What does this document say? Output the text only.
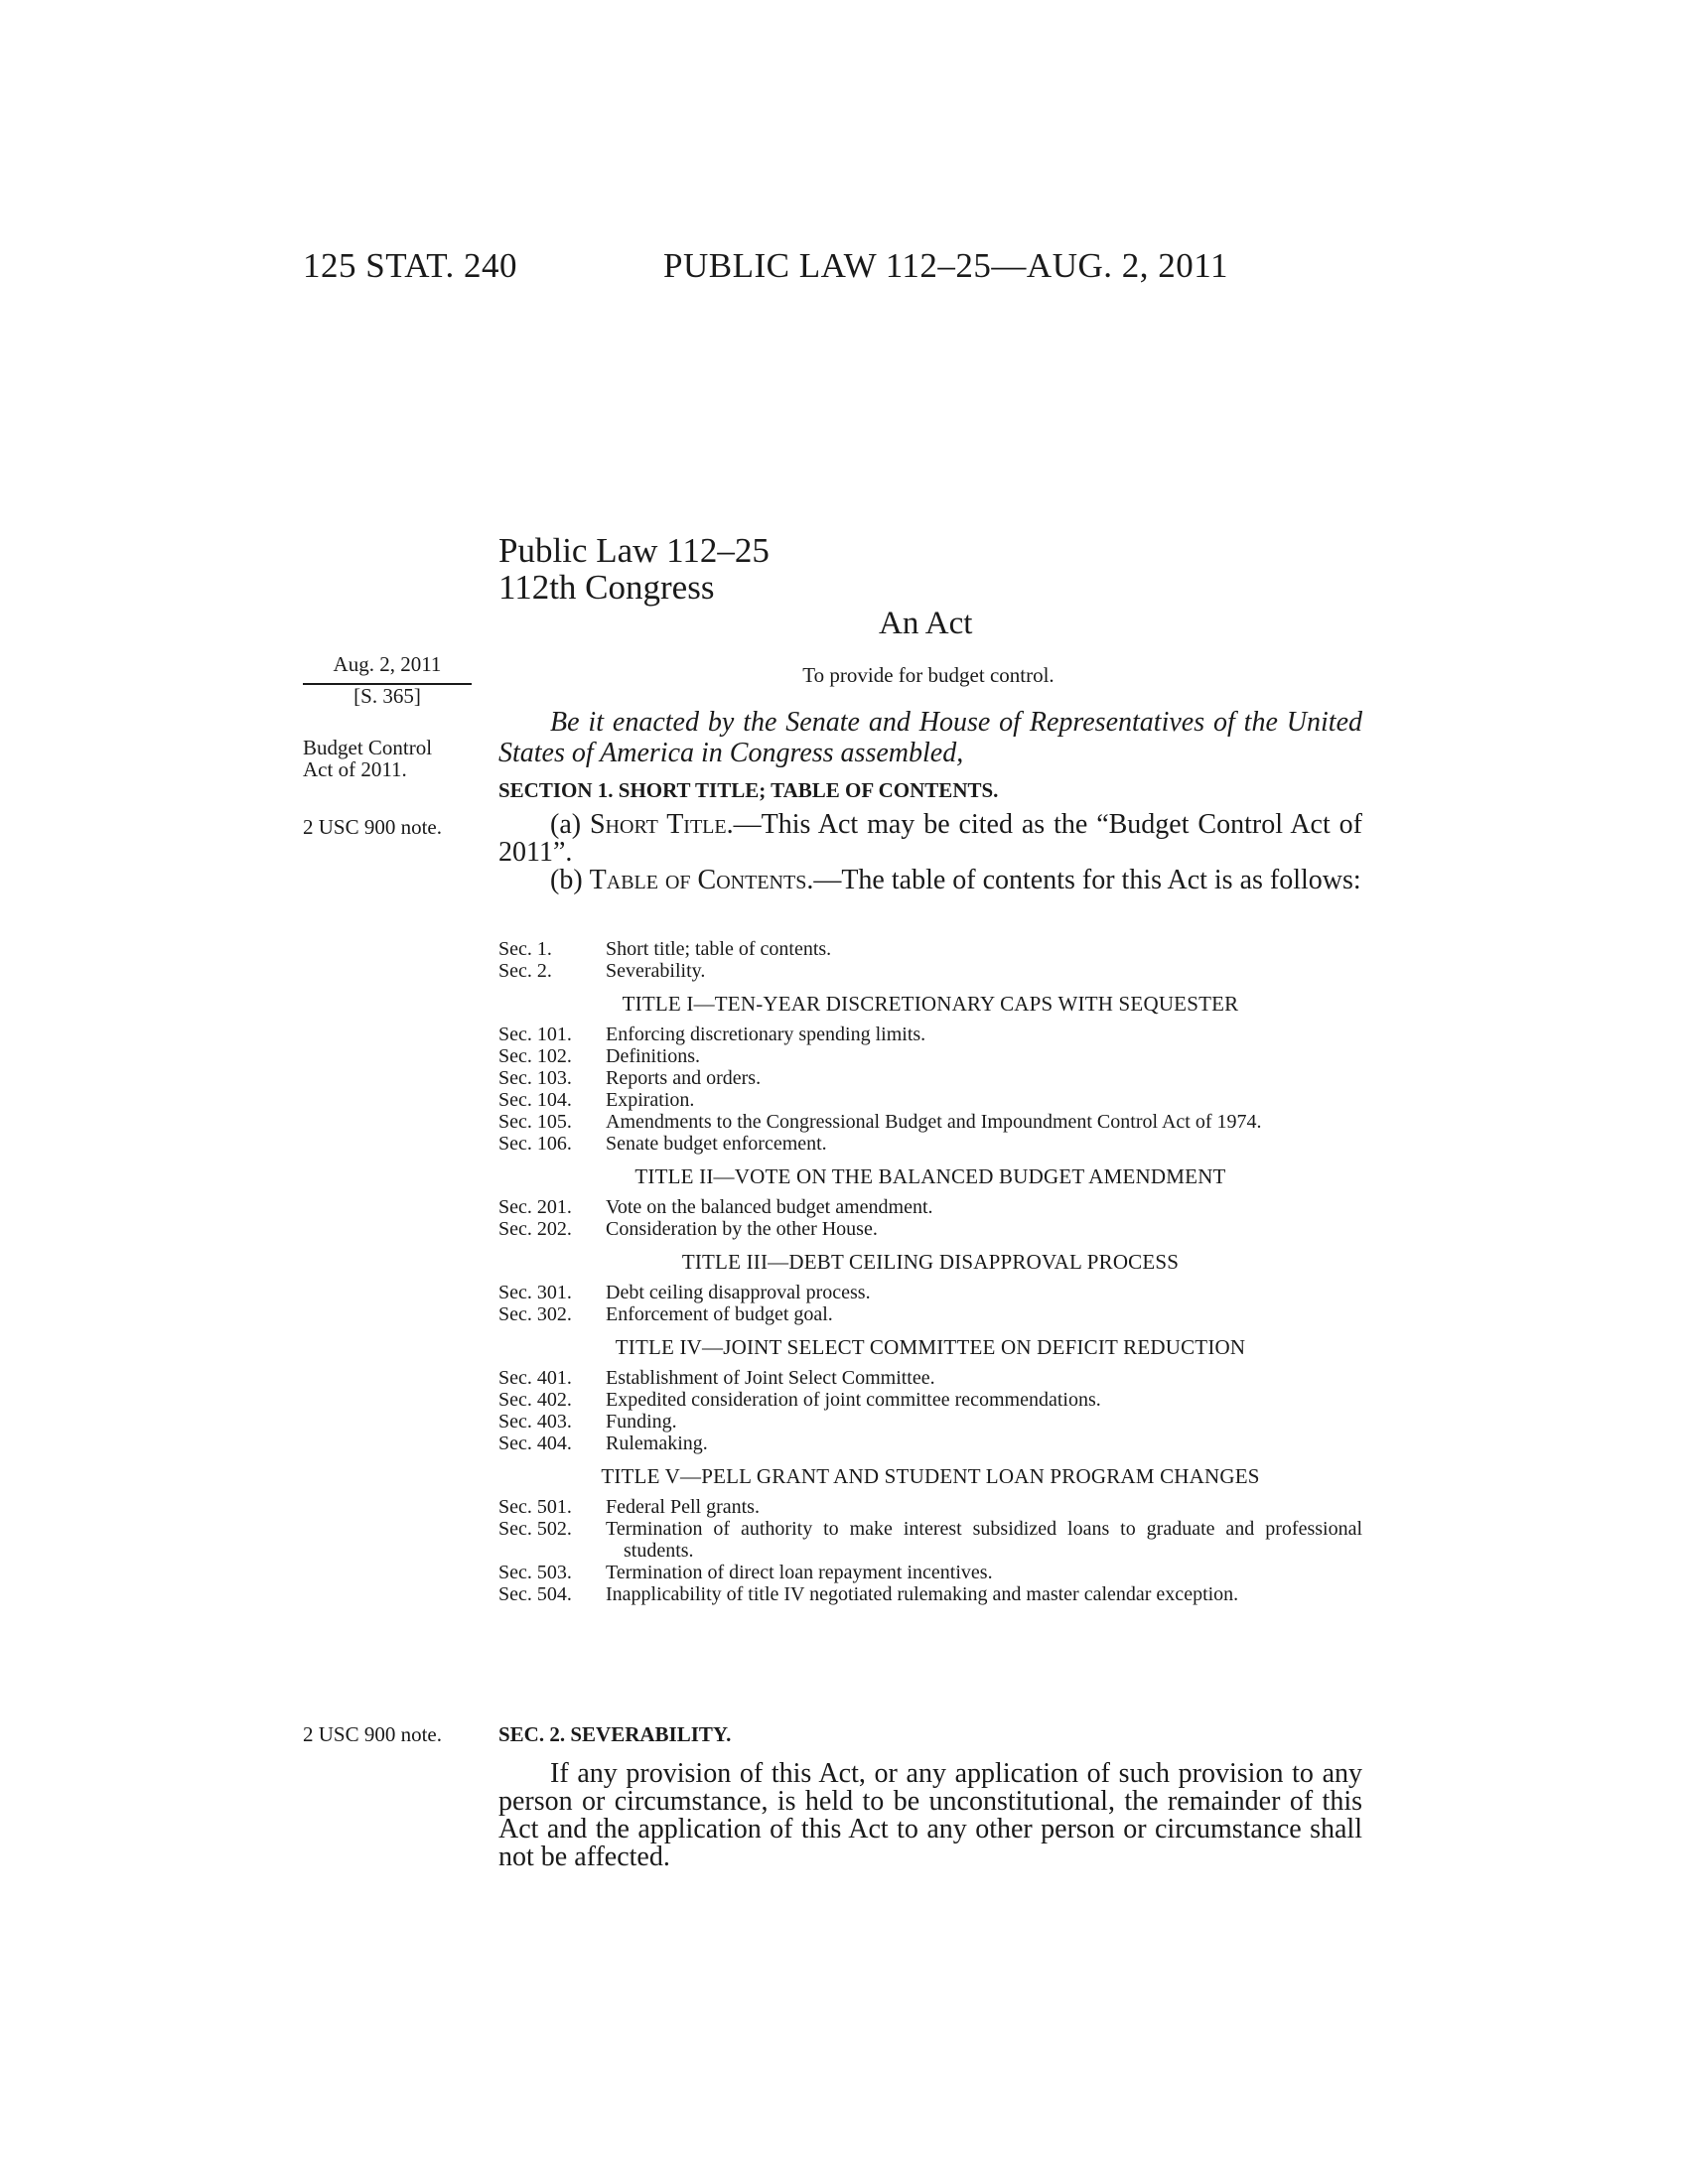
125 STAT. 240	PUBLIC LAW 112–25—AUG. 2, 2011
Public Law 112–25
112th Congress
An Act
To provide for budget control.
Aug. 2, 2011
[S. 365]
Budget Control
Act of 2011.
2 USC 900 note.
2 USC 900 note.
Be it enacted by the Senate and House of Representatives of the United States of America in Congress assembled,
SECTION 1. SHORT TITLE; TABLE OF CONTENTS.
(a) Short Title.—This Act may be cited as the “Budget Control Act of 2011”.
(b) Table of Contents.—The table of contents for this Act is as follows:
Sec. 1.	Short title; table of contents.
Sec. 2.	Severability.
TITLE I—TEN-YEAR DISCRETIONARY CAPS WITH SEQUESTER
Sec. 101.	Enforcing discretionary spending limits.
Sec. 102.	Definitions.
Sec. 103.	Reports and orders.
Sec. 104.	Expiration.
Sec. 105.	Amendments to the Congressional Budget and Impoundment Control Act of 1974.
Sec. 106.	Senate budget enforcement.
TITLE II—VOTE ON THE BALANCED BUDGET AMENDMENT
Sec. 201.	Vote on the balanced budget amendment.
Sec. 202.	Consideration by the other House.
TITLE III—DEBT CEILING DISAPPROVAL PROCESS
Sec. 301.	Debt ceiling disapproval process.
Sec. 302.	Enforcement of budget goal.
TITLE IV—JOINT SELECT COMMITTEE ON DEFICIT REDUCTION
Sec. 401.	Establishment of Joint Select Committee.
Sec. 402.	Expedited consideration of joint committee recommendations.
Sec. 403.	Funding.
Sec. 404.	Rulemaking.
TITLE V—PELL GRANT AND STUDENT LOAN PROGRAM CHANGES
Sec. 501.	Federal Pell grants.
Sec. 502.	Termination of authority to make interest subsidized loans to graduate and professional students.
Sec. 503.	Termination of direct loan repayment incentives.
Sec. 504.	Inapplicability of title IV negotiated rulemaking and master calendar exception.
SEC. 2. SEVERABILITY.
If any provision of this Act, or any application of such provision to any person or circumstance, is held to be unconstitutional, the remainder of this Act and the application of this Act to any other person or circumstance shall not be affected.
